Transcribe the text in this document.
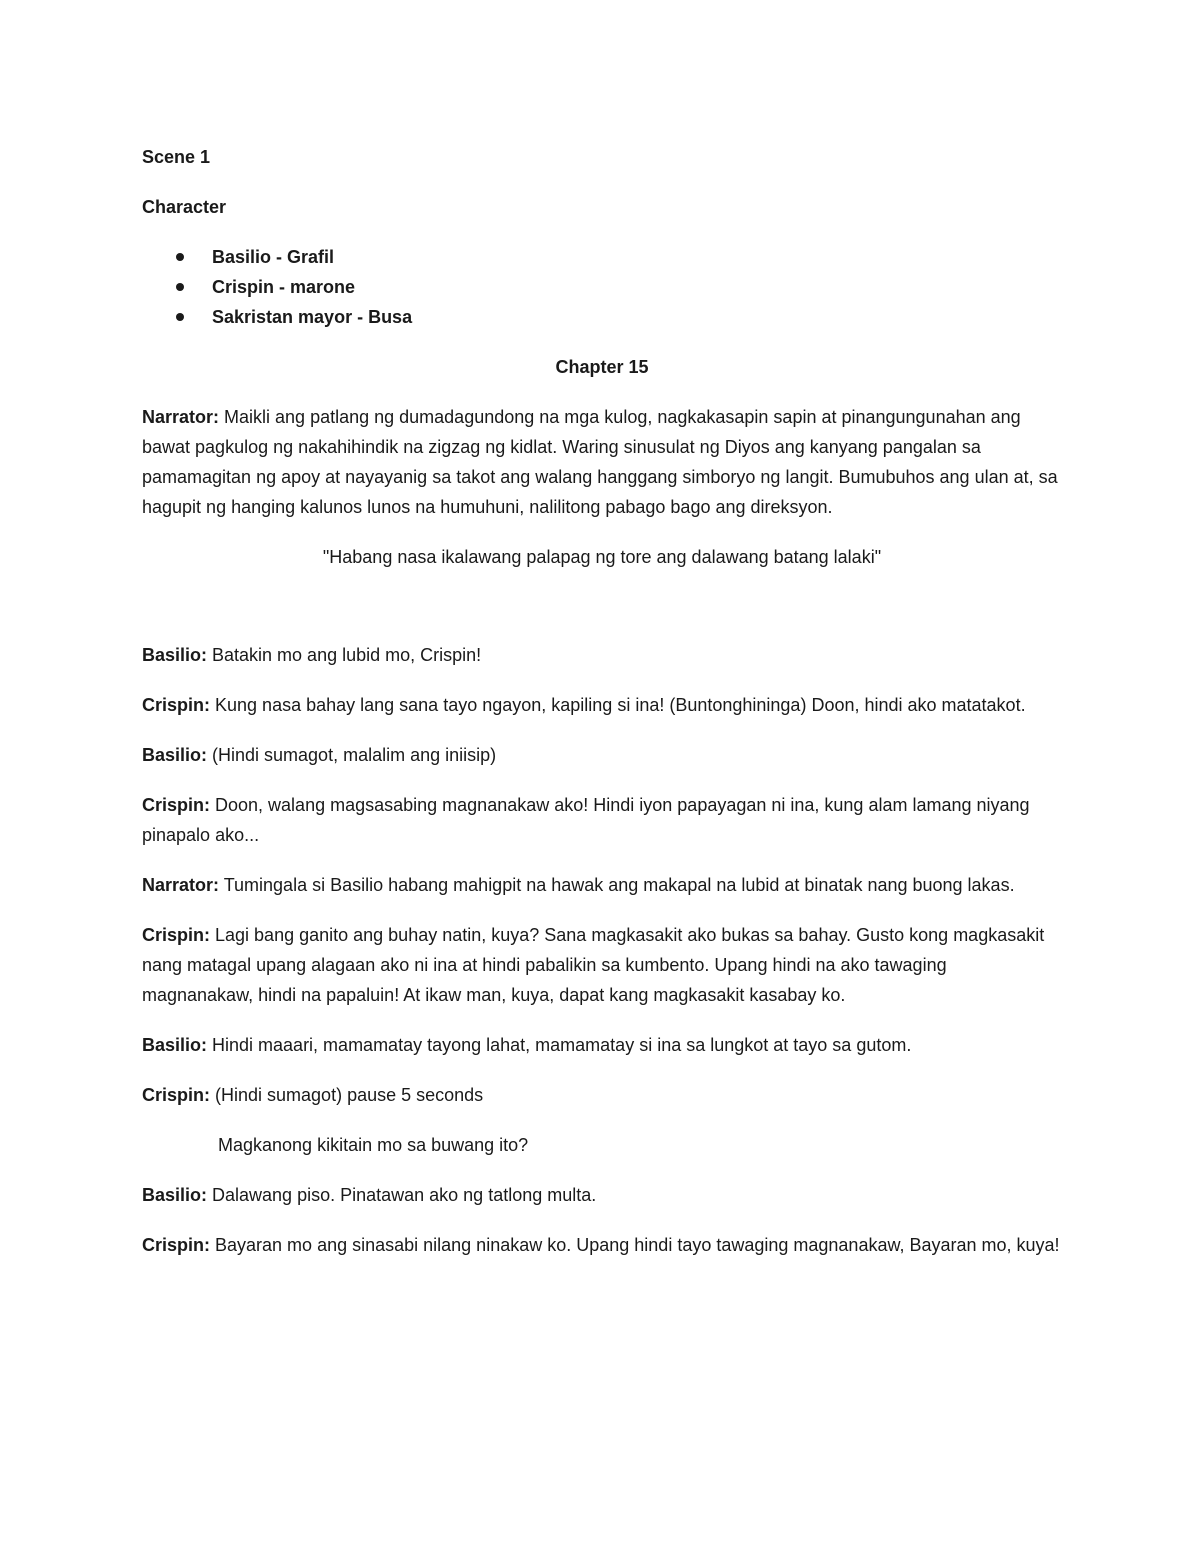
Scene 1

Character

Basilio - Grafil
Crispin - marone
Sakristan mayor - Busa

Chapter 15

Narrator: Maikli ang patlang ng dumadagundong na mga kulog, nagkakasapin sapin at pinangungunahan ang bawat pagkulog ng nakahihindik na zigzag ng kidlat. Waring sinusulat ng Diyos ang kanyang pangalan sa pamamagitan ng apoy at nayayanig sa takot ang walang hanggang simboryo ng langit. Bumubuhos ang ulan at, sa hagupit ng hanging kalunos lunos na humuhuni, nalilitong pabago bago ang direksyon.

"Habang nasa ikalawang palapag ng tore ang dalawang batang lalaki"

Basilio: Batakin mo ang lubid mo, Crispin!

Crispin: Kung nasa bahay lang sana tayo ngayon, kapiling si ina! (Buntonghininga) Doon, hindi ako matatakot.

Basilio: (Hindi sumagot, malalim ang iniisip)

Crispin: Doon, walang magsasabing magnanakaw ako! Hindi iyon papayagan ni ina, kung alam lamang niyang pinapalo ako...

Narrator: Tumingala si Basilio habang mahigpit na hawak ang makapal na lubid at binatak nang buong lakas.

Crispin: Lagi bang ganito ang buhay natin, kuya? Sana magkasakit ako bukas sa bahay. Gusto kong magkasakit nang matagal upang alagaan ako ni ina at hindi pabalikin sa kumbento. Upang hindi na ako tawaging magnanakaw, hindi na papaluin! At ikaw man, kuya, dapat kang magkasakit kasabay ko.

Basilio: Hindi maaari, mamamatay tayong lahat, mamamatay si ina sa lungkot at tayo sa gutom.

Crispin: (Hindi sumagot) pause 5 seconds

Magkanong kikitain mo sa buwang ito?

Basilio: Dalawang piso. Pinatawan ako ng tatlong multa.

Crispin: Bayaran mo ang sinasabi nilang ninakaw ko. Upang hindi tayo tawaging magnanakaw, Bayaran mo, kuya!
